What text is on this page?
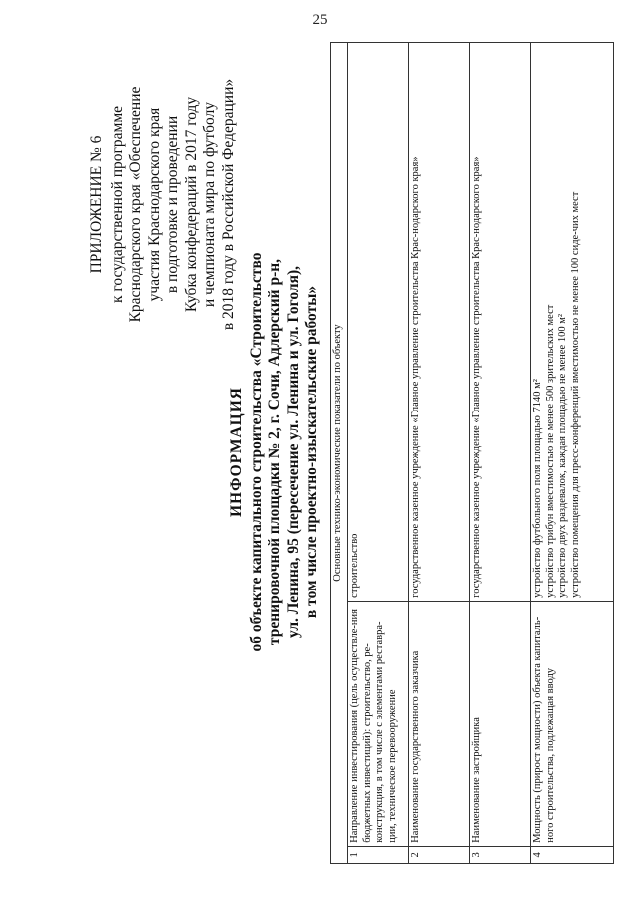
25
ПРИЛОЖЕНИЕ № 6 к государственной программе Краснодарского края «Обеспечение участия Краснодарского края в подготовке и проведении Кубка конфедераций в 2017 году и чемпионата мира по футболу в 2018 году в Российской Федерации»
ИНФОРМАЦИЯ об объекте капитального строительства «Строительство тренировочной площадки № 2, г. Сочи, Адлерский р-н, ул. Ленина, 95 (пересечение ул. Ленина и ул. Гоголя), в том числе проектно-изыскательские работы» Основные технико-экономические показатели по объекту		
1	Направление инвестирования (цель осуществле-ния бюджетных инвестиций): строительство, ре-конструкция, в том числе с элементами реставра-ции, техническое перевооружение	строительство

2	Наименование государственного заказчика	государственное казенное учреждение «Главное управление строительства Крас-нодарского края»

3	Наименование застройщика	государственное казенное учреждение «Главное управление строительства Крас-нодарского края»

4	Мощность (прирост мощности) объекта капиталь-ного строительства, подлежащая вводу	устройство футбольного поля площадью 7140 м² устройство трибун вместимостью не менее 500 зрительских мест устройство двух раздевалок, каждая площадью не менее 100 м² устройство помещения для пресс-конференций вместимостью не менее 100 сиде-чих мест
